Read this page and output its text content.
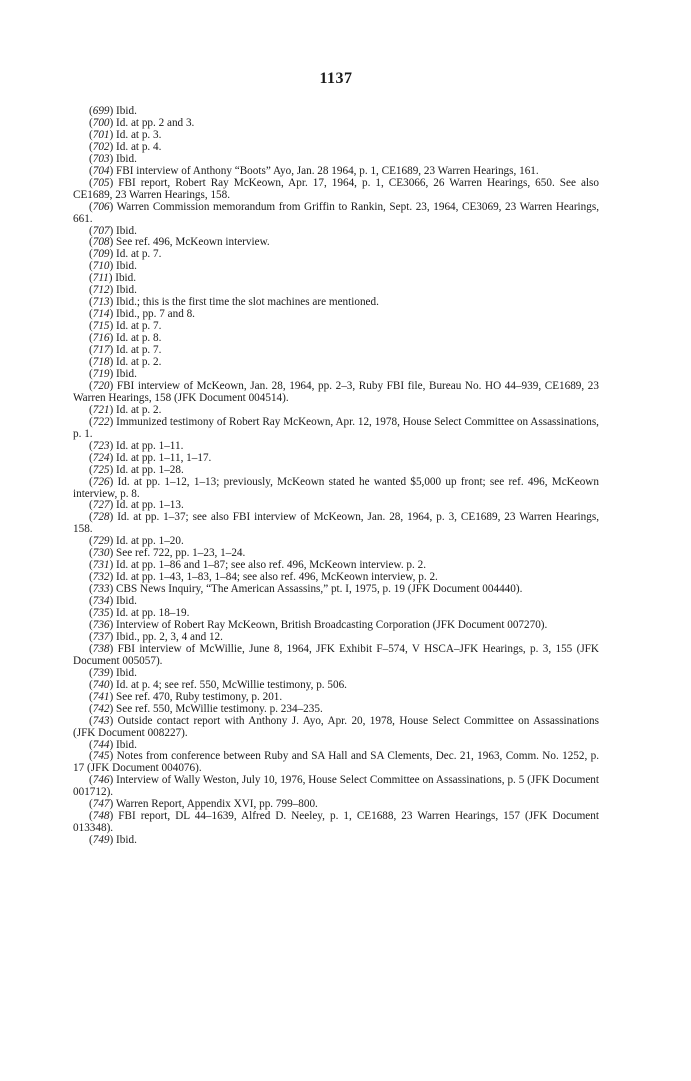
1137

(699) Ibid.

(700) Id. at pp. 2 and 3.

(701) Id. at p. 3.

(702) Id. at p. 4.

(703) Ibid.

(704) FBI interview of Anthony “Boots” Ayo, Jan. 28 1964, p. 1, CE1689, 23 Warren Hearings, 161.

(705) FBI report, Robert Ray McKeown, Apr. 17, 1964, p. 1, CE3066, 26 Warren Hearings, 650. See also CE1689, 23 Warren Hearings, 158.

(706) Warren Commission memorandum from Griffin to Rankin, Sept. 23, 1964, CE3069, 23 Warren Hearings, 661.

(707) Ibid.

(708) See ref. 496, McKeown interview.

(709) Id. at p. 7.

(710) Ibid.

(711) Ibid.

(712) Ibid.

(713) Ibid.; this is the first time the slot machines are mentioned.

(714) Ibid., pp. 7 and 8.

(715) Id. at p. 7.

(716) Id. at p. 8.

(717) Id. at p. 7.

(718) Id. at p. 2.

(719) Ibid.

(720) FBI interview of McKeown, Jan. 28, 1964, pp. 2–3, Ruby FBI file, Bureau No. HO 44–939, CE1689, 23 Warren Hearings, 158 (JFK Document 004514).

(721) Id. at p. 2.

(722) Immunized testimony of Robert Ray McKeown, Apr. 12, 1978, House Select Committee on Assassinations, p. 1.

(723) Id. at pp. 1–11.

(724) Id. at pp. 1–11, 1–17.

(725) Id. at pp. 1–28.

(726) Id. at pp. 1–12, 1–13; previously, McKeown stated he wanted $5,000 up front; see ref. 496, McKeown interview, p. 8.

(727) Id. at pp. 1–13.

(728) Id. at pp. 1–37; see also FBI interview of McKeown, Jan. 28, 1964, p. 3, CE1689, 23 Warren Hearings, 158.

(729) Id. at pp. 1–20.

(730) See ref. 722, pp. 1–23, 1–24.

(731) Id. at pp. 1–86 and 1–87; see also ref. 496, McKeown interview. p. 2.

(732) Id. at pp. 1–43, 1–83, 1–84; see also ref. 496, McKeown interview, p. 2.

(733) CBS News Inquiry, “The American Assassins,” pt. I, 1975, p. 19 (JFK Document 004440).

(734) Ibid.

(735) Id. at pp. 18–19.

(736) Interview of Robert Ray McKeown, British Broadcasting Corporation (JFK Document 007270).

(737) Ibid., pp. 2, 3, 4 and 12.

(738) FBI interview of McWillie, June 8, 1964, JFK Exhibit F–574, V HSCA–JFK Hearings, p. 3, 155 (JFK Document 005057).

(739) Ibid.

(740) Id. at p. 4; see ref. 550, McWillie testimony, p. 506.

(741) See ref. 470, Ruby testimony, p. 201.

(742) See ref. 550, McWillie testimony. p. 234–235.

(743) Outside contact report with Anthony J. Ayo, Apr. 20, 1978, House Select Committee on Assassinations (JFK Document 008227).

(744) Ibid.

(745) Notes from conference between Ruby and SA Hall and SA Clements, Dec. 21, 1963, Comm. No. 1252, p. 17 (JFK Document 004076).

(746) Interview of Wally Weston, July 10, 1976, House Select Committee on Assassinations, p. 5 (JFK Document 001712).

(747) Warren Report, Appendix XVI, pp. 799–800.

(748) FBI report, DL 44–1639, Alfred D. Neeley, p. 1, CE1688, 23 Warren Hearings, 157 (JFK Document 013348).

(749) Ibid.
